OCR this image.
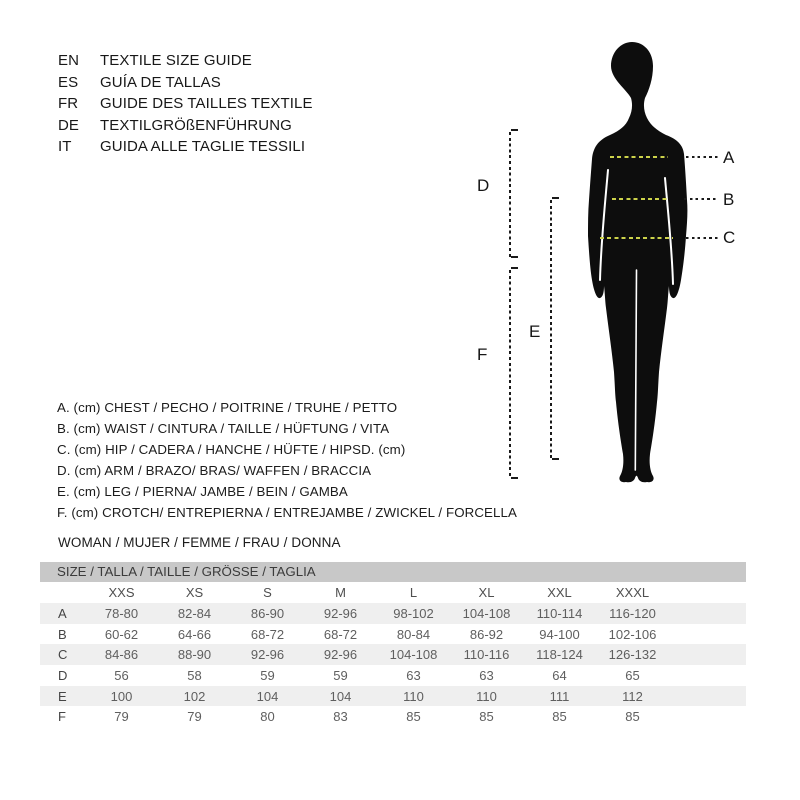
EN	TEXTILE SIZE GUIDE
ES	GUÍA DE TALLAS
FR	GUIDE DES TAILLES TEXTILE
DE	TEXTILGRÖßENFÜHRUNG
IT	GUIDA ALLE TAGLIE TESSILI
A
B
C
D
E
F
A. (cm) CHEST / PECHO / POITRINE / TRUHE / PETTO
B. (cm) WAIST / CINTURA / TAILLE / HÜFTUNG / VITA
C. (cm) HIP / CADERA / HANCHE / HÜFTE / HIPSD. (cm)
D. (cm) ARM / BRAZO/ BRAS/ WAFFEN / BRACCIA
E. (cm) LEG / PIERNA/ JAMBE / BEIN / GAMBA
F. (cm) CROTCH/ ENTREPIERNA / ENTREJAMBE / ZWICKEL / FORCELLA
WOMAN / MUJER / FEMME / FRAU / DONNA
SIZE / TALLA / TAILLE / GRÖSSE / TAGLIA
XXS	XS	S	M	L	XL	XXL	XXXL
A	78-80	82-84	86-90	92-96	98-102	104-108	110-114	116-120
B	60-62	64-66	68-72	68-72	80-84	86-92	94-100	102-106
C	84-86	88-90	92-96	92-96	104-108	110-116	118-124	126-132
D	56	58	59	59	63	63	64	65
E	100	102	104	104	110	110	111	112
F	79	79	80	83	85	85	85	85
